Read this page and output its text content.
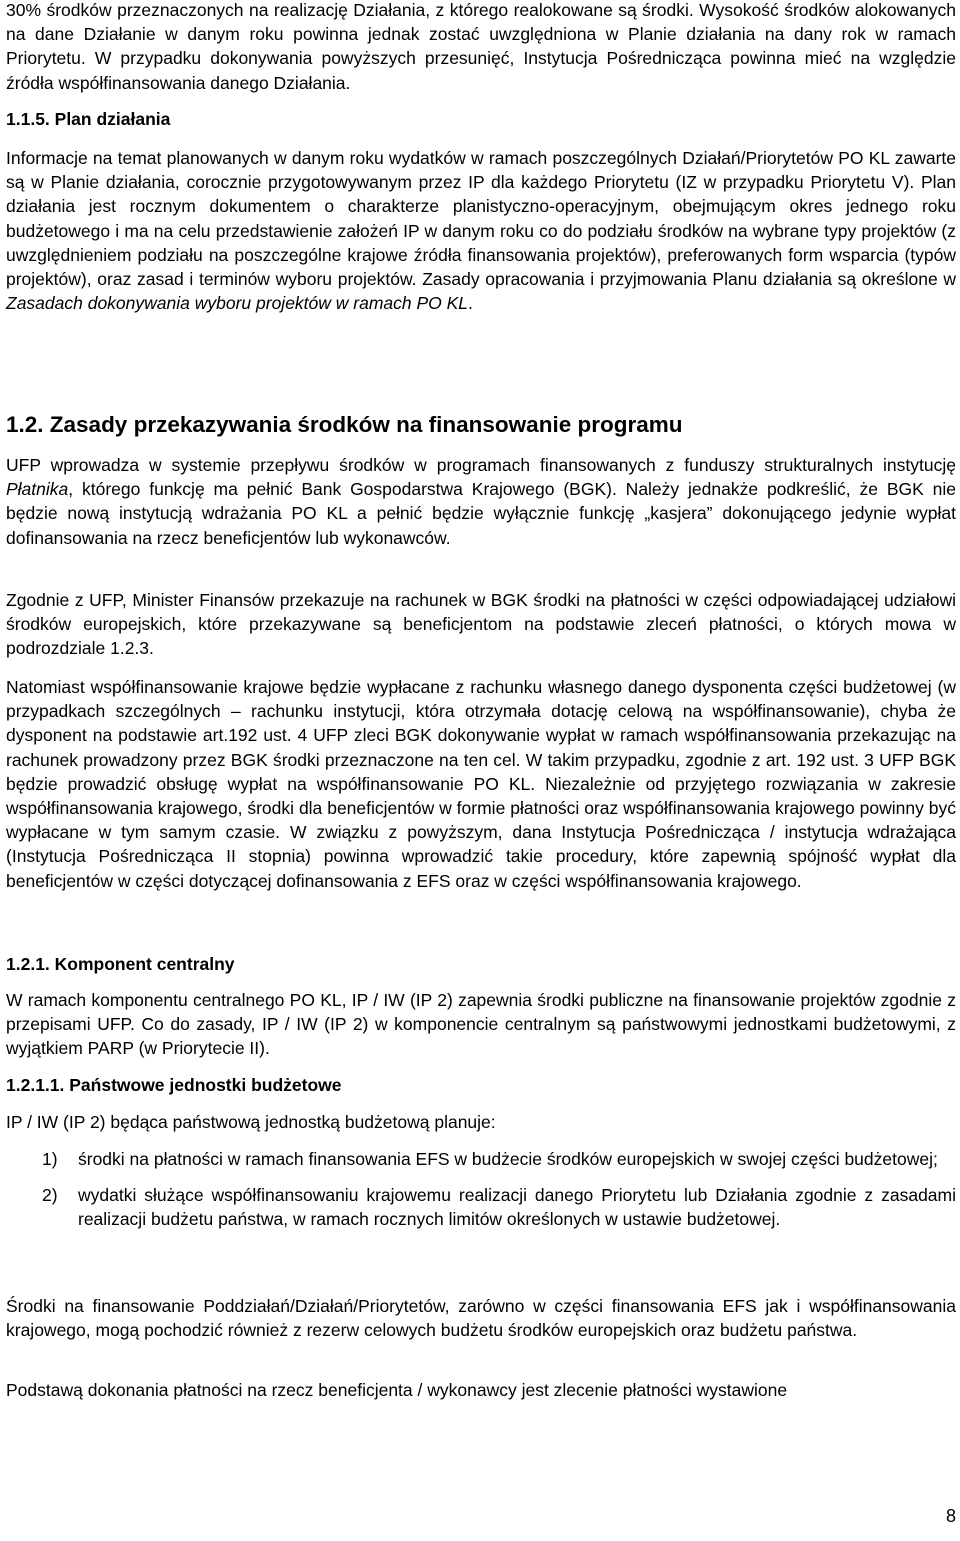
30% środków przeznaczonych na realizację Działania, z którego realokowane są środki. Wysokość środków alokowanych na dane Działanie w danym roku powinna jednak zostać uwzględniona w Planie działania na dany rok w ramach Priorytetu. W przypadku dokonywania powyższych przesunięć, Instytucja Pośrednicząca powinna mieć na względzie źródła współfinansowania danego Działania.

1.1.5. Plan działania

Informacje na temat planowanych w danym roku wydatków w ramach poszczególnych Działań/Priorytetów PO KL zawarte są w Planie działania, corocznie przygotowywanym przez IP dla każdego Priorytetu (IZ w przypadku Priorytetu V). Plan działania jest rocznym dokumentem o charakterze planistyczno-operacyjnym, obejmującym okres jednego roku budżetowego i ma na celu przedstawienie założeń IP w danym roku co do podziału środków na wybrane typy projektów (z uwzględnieniem podziału na poszczególne krajowe źródła finansowania projektów), preferowanych form wsparcia (typów projektów), oraz zasad i terminów wyboru projektów. Zasady opracowania i przyjmowania Planu działania są określone w Zasadach dokonywania wyboru projektów w ramach PO KL.

1.2. Zasady przekazywania środków na finansowanie programu

UFP wprowadza w systemie przepływu środków w programach finansowanych z funduszy strukturalnych instytucję Płatnika, którego funkcję ma pełnić Bank Gospodarstwa Krajowego (BGK). Należy jednakże podkreślić, że BGK nie będzie nową instytucją wdrażania PO KL a pełnić będzie wyłącznie funkcję „kasjera” dokonującego jedynie wypłat dofinansowania na rzecz beneficjentów lub wykonawców.

Zgodnie z UFP, Minister Finansów przekazuje na rachunek w BGK środki na płatności w części odpowiadającej udziałowi środków europejskich, które przekazywane są beneficjentom na podstawie zleceń płatności, o których mowa w podrozdziale 1.2.3.

Natomiast współfinansowanie krajowe będzie wypłacane z rachunku własnego danego dysponenta części budżetowej (w przypadkach szczególnych – rachunku instytucji, która otrzymała dotację celową na współfinansowanie), chyba że dysponent na podstawie art.192 ust. 4 UFP zleci BGK dokonywanie wypłat w ramach współfinansowania przekazując na rachunek prowadzony przez BGK środki przeznaczone na ten cel. W takim przypadku, zgodnie z art. 192 ust. 3 UFP BGK będzie prowadzić obsługę wypłat na współfinansowanie PO KL. Niezależnie od przyjętego rozwiązania w zakresie współfinansowania krajowego, środki dla beneficjentów w formie płatności oraz współfinansowania krajowego powinny być wypłacane w tym samym czasie. W związku z powyższym, dana Instytucja Pośrednicząca / instytucja wdrażająca (Instytucja Pośrednicząca II stopnia) powinna wprowadzić takie procedury, które zapewnią spójność wypłat dla beneficjentów w części dotyczącej dofinansowania z EFS oraz w części współfinansowania krajowego.

1.2.1. Komponent centralny

W ramach komponentu centralnego PO KL, IP / IW (IP 2) zapewnia środki publiczne na finansowanie projektów zgodnie z przepisami UFP. Co do zasady, IP / IW (IP 2) w komponencie centralnym są państwowymi jednostkami budżetowymi, z wyjątkiem PARP (w Priorytecie II).

1.2.1.1. Państwowe jednostki budżetowe

IP / IW (IP 2) będąca państwową jednostką budżetową planuje:

1) środki na płatności w ramach finansowania EFS w budżecie środków europejskich w swojej części budżetowej;
2) wydatki służące współfinansowaniu krajowemu realizacji danego Priorytetu lub Działania zgodnie z zasadami realizacji budżetu państwa, w ramach rocznych limitów określonych w ustawie budżetowej.

Środki na finansowanie Poddziałań/Działań/Priorytetów, zarówno w części finansowania EFS jak i współfinansowania krajowego, mogą pochodzić również z rezerw celowych budżetu środków europejskich oraz budżetu państwa.

Podstawą dokonania płatności na rzecz beneficjenta / wykonawcy jest zlecenie płatności wystawione

8
